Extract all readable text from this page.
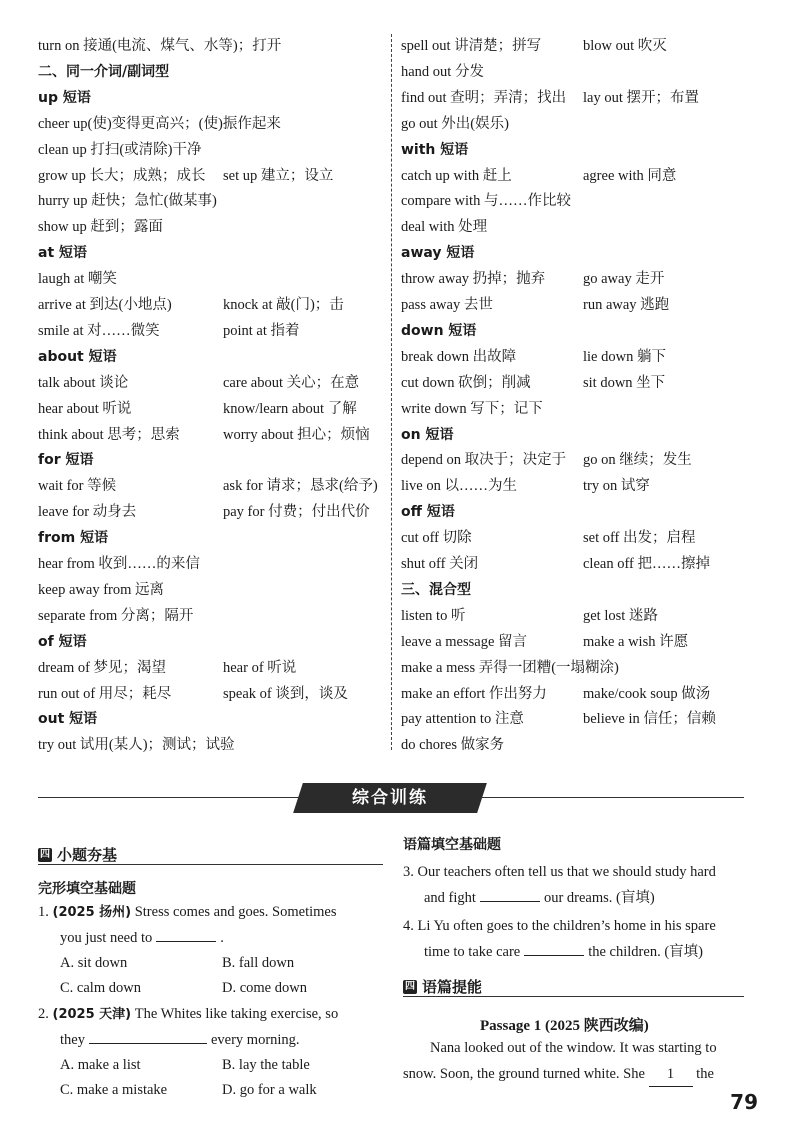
turn on 接通(电流、煤气、水等)；打开
二、同一介词/副词型
up 短语
cheer up(使)变得更高兴；(使)振作起来
clean up 打扫(或清除)干净
grow up 长大；成熟；成长 set up 建立；设立
hurry up 赶快；急忙(做某事)
show up 赶到；露面
at 短语
laugh at 嘲笑
arrive at 到达(小地点)	knock at 敲(门)；击
smile at 对……微笑	point at 指着
about 短语
talk about 谈论	care about 关心；在意
hear about 听说	know/learn about 了解
think about 思考；思索	worry about 担心；烦恼
for 短语
wait for 等候	ask for 请求；恳求(给予)
leave for 动身去	pay for 付费；付出代价
from 短语
hear from 收到……的来信
keep away from 远离
separate from 分离；隔开
of 短语
dream of 梦见；渴望	hear of 听说
run out of 用尽；耗尽	speak of 谈到，谈及
out 短语
try out 试用(某人)；测试；试验
spell out 讲清楚；拼写	blow out 吹灭
hand out 分发
find out 查明；弄清；找出 lay out 摆开；布置
go out 外出(娱乐)
with 短语
catch up with 赶上	agree with 同意
compare with 与……作比较
deal with 处理
away 短语
throw away 扔掉；抛弃	go away 走开
pass away 去世	run away 逃跑
down 短语
break down 出故障	lie down 躺下
cut down 砍倒；削减	sit down 坐下
write down 写下；记下
on 短语
depend on 取决于；决定于 go on 继续；发生
live on 以……为生	try on 试穿
off 短语
cut off 切除	set off 出发；启程
shut off 关闭	clean off 把……擦掉
三、混合型
listen to 听	get lost 迷路
leave a message 留言	make a wish 许愿
make a mess 弄得一团糟(一塌糊涂)
make an effort 作出努力 make/cook soup 做汤
pay attention to 注意	believe in 信任；信赖
do chores 做家务
综合训练
四 小题夯基
完形填空基础题
1. (2025 扬州) Stress comes and goes. Sometimes
you just need to	.
A. sit down	B. fall down
C. calm down	D. come down
2. (2025 天津) The Whites like taking exercise, so
they	every morning.
A. make a list	B. lay the table
C. make a mistake	D. go for a walk
语篇填空基础题
3. Our teachers often tell us that we should study hard
and fight	our dreams. (盲填)
4. Li Yu often goes to the children’s home in his spare
time to take care	the children. (盲填)
四 语篇提能
Passage 1 (2025 陕西改编)
Nana looked out of the window. It was starting to
snow. Soon, the ground turned white. She 1 the
79
